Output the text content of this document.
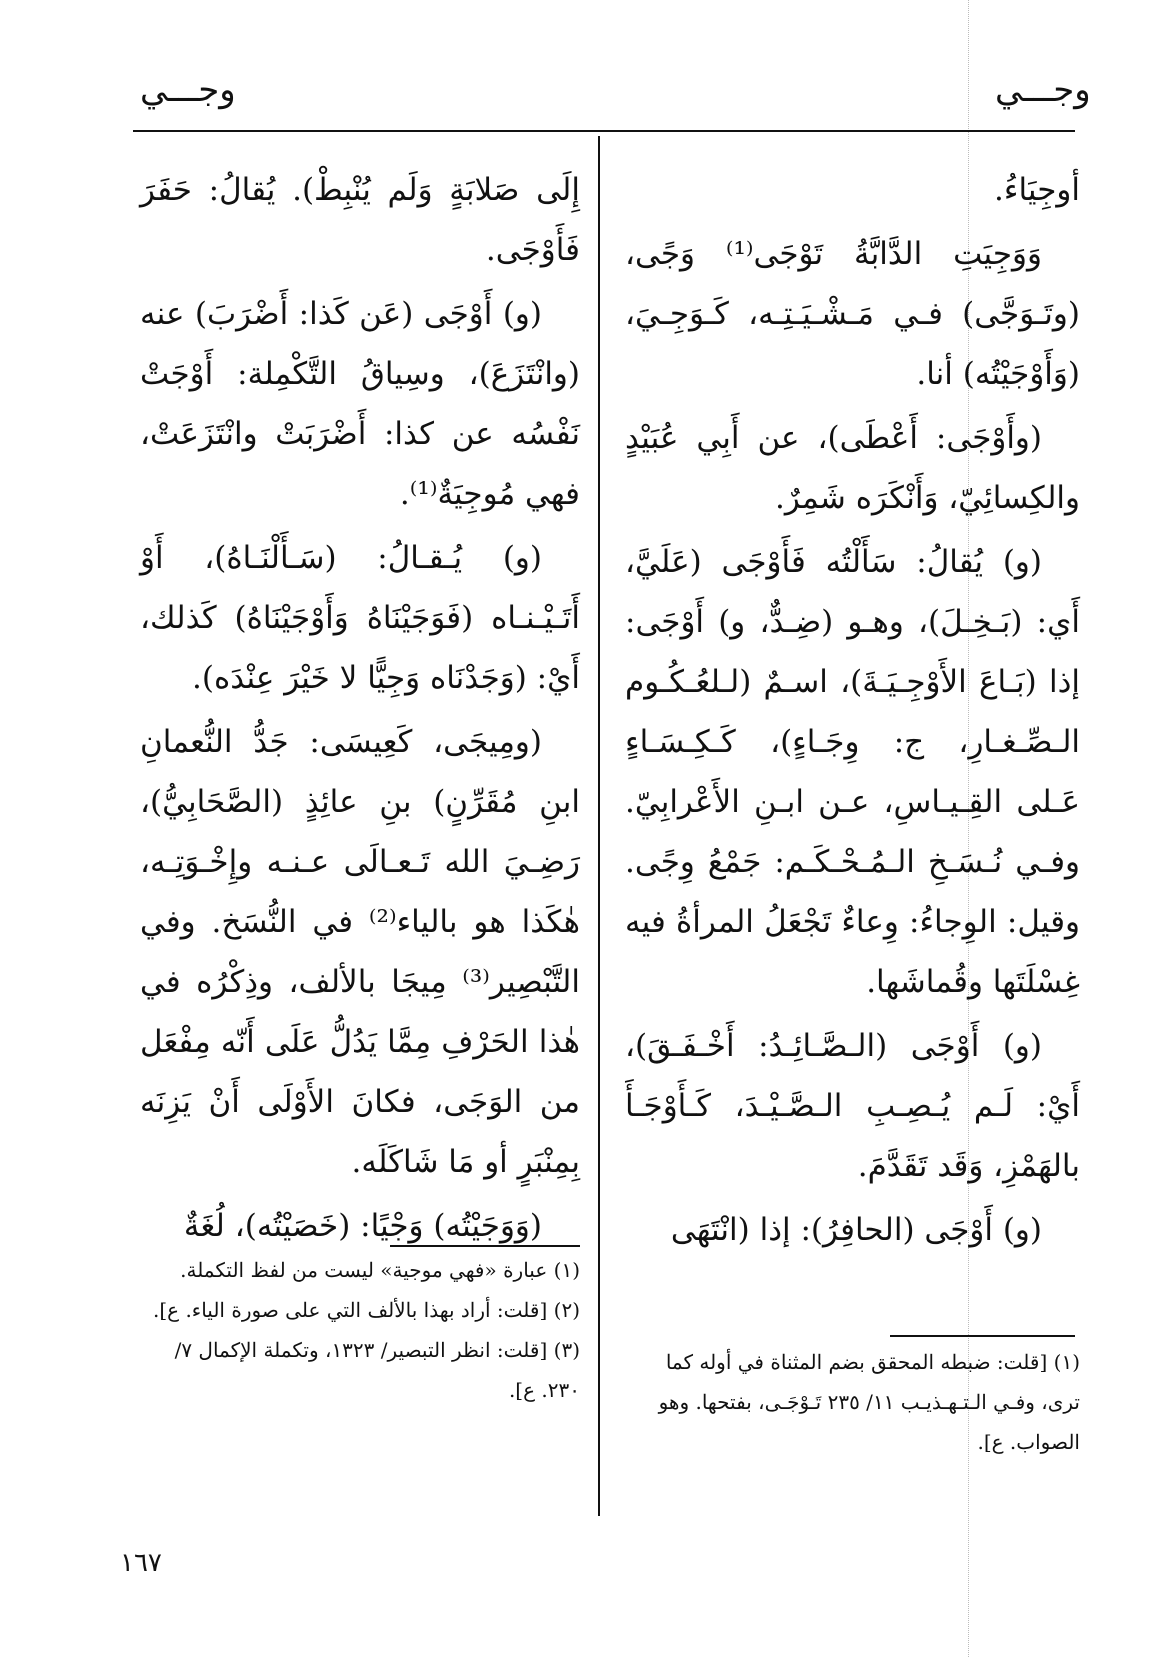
وجـــي
وجـــي

أوجِيَاءُ.

وَوَجِيَتِ الدَّابَّةُ تَوْجَى⁽¹⁾ وَجًى، (وتَـوَجَّى) فـي مَـشْـيَـتِـه، كَـوَجِـيَ، (وَأَوْجَيْتُه) أنا.

(وأَوْجَى: أَعْطَى)، عن أَبِي عُبَيْدٍ والكِسائِيّ، وَأَنْكَرَه شَمِرٌ.

(و) يُقالُ: سَأَلْتُه فَأَوْجَى (عَلَيَّ، أَي: (بَـخِـلَ)، وهـو (ضِـدٌّ، و) أَوْجَى: إذا (بَـاعَ الأَوْجِـيَـةَ)، اسـمٌ (لـلعُـكُـوم الـصِّـغـارِ، ج: وِجَـاءٍ)، كَـكِـسَـاءٍ عَـلى القِـيـاسِ، عـن ابـنِ الأَعْرابِيّ. وفـي نُـسَـخِ الـمُـحْـكَـم: جَمْعُ وِجًى. وقيل: الوِجاءُ: وِعاءٌ تَجْعَلُ المرأةُ فيه غِسْلَتَها وقُماشَها.

(و) أَوْجَى (الـصَّـائِـدُ: أَخْـفَـقَ)، أَيْ: لَـم يُـصِـبِ الـصَّـيْـدَ، كَـأَوْجَـأَ بالهَمْزِ، وَقَد تَقَدَّمَ.

(و) أَوْجَى (الحافِرُ): إذا (انْتَهَى

إِلَى صَلابَةٍ وَلَم يُنْبِطْ). يُقالُ: حَفَرَ فَأَوْجَى.

(و) أَوْجَى (عَن كَذا: أَضْرَبَ) عنه (وانْتَزَعَ)، وسِياقُ التَّكْمِلة: أَوْجَتْ نَفْسُه عن كذا: أَضْرَبَتْ وانْتَزَعَتْ، فهي مُوجِيَةٌ⁽¹⁾.

(و) يُـقـالُ: (سَـأَلْنَـاهُ)، أَوْ أَتَـيْـنـاه (فَوَجَيْنَاهُ وَأَوْجَيْنَاهُ) كَذلك، أَيْ: (وَجَدْنَاه وَجِيًّا لا خَيْرَ عِنْدَه).

(ومِيجَى، كَعِيسَى: جَدُّ النُّعمانِ ابنِ مُقَرِّنٍ) بنِ عائِذٍ (الصَّحَابِيُّ)، رَضِـيَ الله تَـعـالَى عـنـه وإِخْـوَتِـه، هٰكَذا هو بالياء⁽²⁾ في النُّسَخ. وفي التَّبْصِير⁽³⁾ مِيجَا بالألف، وذِكْرُه في هٰذا الحَرْفِ مِمَّا يَدُلُّ عَلَى أَنّه مِفْعَل من الوَجَى، فكانَ الأَوْلَى أَنْ يَزِنَه بِمِنْبَرٍ أو مَا شَاكَلَه.

(وَوَجَيْتُه) وَجْيًا: (خَصَيْتُه)، لُغَةٌ

(١) [قلت: ضبطه المحقق بضم المثناة في أوله كما ترى، وفـي الـتـهـذيـب ١١/ ٢٣٥ تَـوْجَـى، بفتحها. وهو الصواب. ع].
(١) عبارة «فهي موجية» ليست من لفظ التكملة.
(٢) [قلت: أراد بهذا بالألف التي على صورة الياء. ع].
(٣) [قلت: انظر التبصير/ ١٣٢٣، وتكملة الإكمال ٧/ ٢٣٠. ع].
١٦٧
